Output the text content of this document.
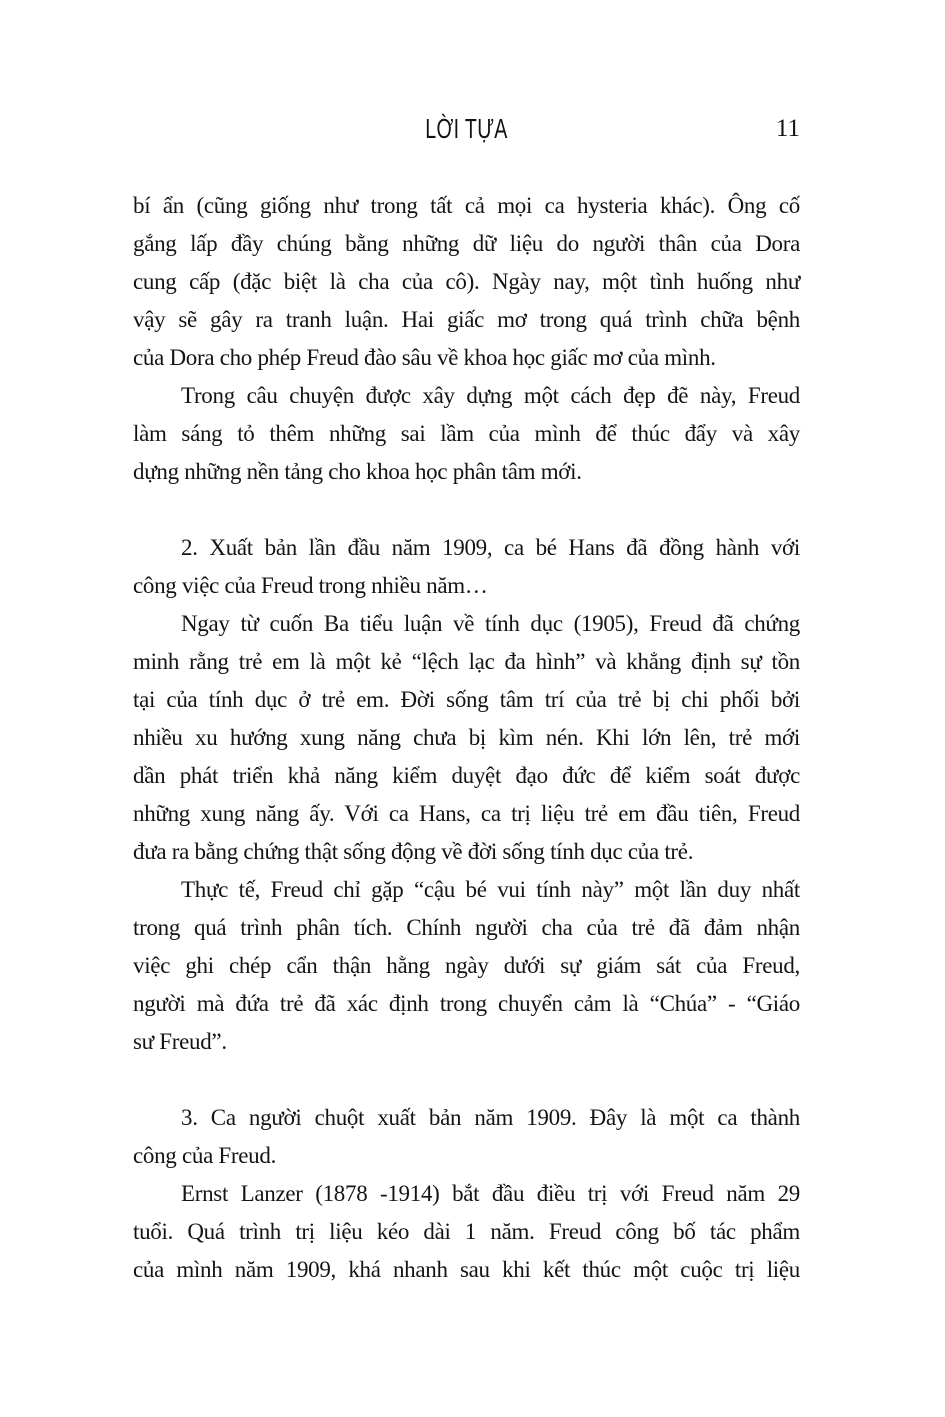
LỜI TỰA	11
bí ẩn (cũng giống như trong tất cả mọi ca hysteria khác). Ông cố
gắng lấp đầy chúng bằng những dữ liệu do người thân của Dora
cung cấp (đặc biệt là cha của cô). Ngày nay, một tình huống như
vậy sẽ gây ra tranh luận. Hai giấc mơ trong quá trình chữa bệnh
của Dora cho phép Freud đào sâu về khoa học giấc mơ của mình.
Trong câu chuyện được xây dựng một cách đẹp đẽ này, Freud
làm sáng tỏ thêm những sai lầm của mình để thúc đẩy và xây
dựng những nền tảng cho khoa học phân tâm mới.
2. Xuất bản lần đầu năm 1909, ca bé Hans đã đồng hành với
công việc của Freud trong nhiều năm…
Ngay từ cuốn Ba tiểu luận về tính dục (1905), Freud đã chứng
minh rằng trẻ em là một kẻ “lệch lạc đa hình” và khẳng định sự tồn
tại của tính dục ở trẻ em. Đời sống tâm trí của trẻ bị chi phối bởi
nhiều xu hướng xung năng chưa bị kìm nén. Khi lớn lên, trẻ mới
dần phát triển khả năng kiểm duyệt đạo đức để kiểm soát được
những xung năng ấy. Với ca Hans, ca trị liệu trẻ em đầu tiên, Freud
đưa ra bằng chứng thật sống động về đời sống tính dục của trẻ.
Thực tế, Freud chỉ gặp “cậu bé vui tính này” một lần duy nhất
trong quá trình phân tích. Chính người cha của trẻ đã đảm nhận
việc ghi chép cẩn thận hằng ngày dưới sự giám sát của Freud,
người mà đứa trẻ đã xác định trong chuyển cảm là “Chúa” - “Giáo
sư Freud”.
3. Ca người chuột xuất bản năm 1909. Đây là một ca thành
công của Freud.
Ernst Lanzer (1878 -1914) bắt đầu điều trị với Freud năm 29
tuổi. Quá trình trị liệu kéo dài 1 năm. Freud công bố tác phẩm
của mình năm 1909, khá nhanh sau khi kết thúc một cuộc trị liệu
